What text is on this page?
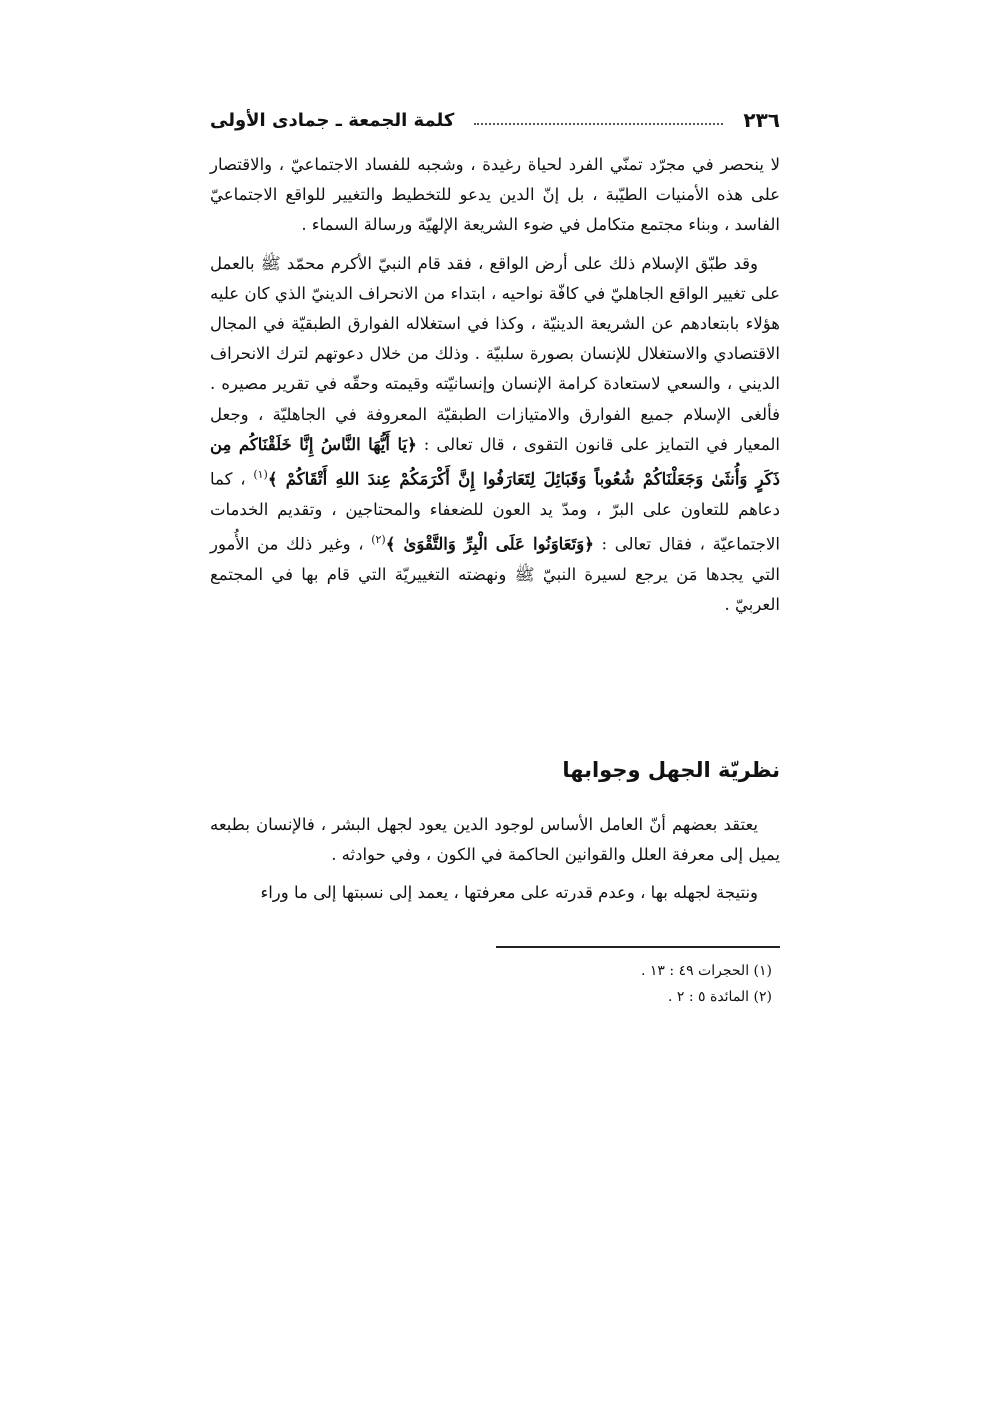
٢٣٦
كلمة الجمعة ـ جمادى الأولى

لا ينحصر في مجرّد تمنّي الفرد لحياة رغيدة ، وشجبه للفساد الاجتماعيّ ، والاقتصار على هذه الأمنيات الطيّبة ، بل إنّ الدين يدعو للتخطيط والتغيير للواقع الاجتماعيّ الفاسد ، وبناء مجتمع متكامل في ضوء الشريعة الإلهيّة ورسالة السماء .

وقد طبّق الإسلام ذلك على أرض الواقع ، فقد قام النبيّ الأكرم محمّد ﷺ بالعمل على تغيير الواقع الجاهليّ في كافّة نواحيه ، ابتداء من الانحراف الدينيّ الذي كان عليه هؤلاء بابتعادهم عن الشريعة الدينيّة ، وكذا في استغلاله الفوارق الطبقيّة في المجال الاقتصادي والاستغلال للإنسان بصورة سلبيّة . وذلك من خلال دعوتهم لترك الانحراف الديني ، والسعي لاستعادة كرامة الإنسان وإنسانيّته وقيمته وحقّه في تقرير مصيره . فألغى الإسلام جميع الفوارق والامتيازات الطبقيّة المعروفة في الجاهليّة ، وجعل المعيار في التمايز على قانون التقوى ، قال تعالى : ﴿يَا أَيُّهَا النَّاسُ إِنَّا خَلَقْنَاكُم مِن ذَكَرٍ وَأُنثَىٰ وَجَعَلْنَاكُمْ شُعُوباً وَقَبَائِلَ لِتَعَارَفُوا إِنَّ أَكْرَمَكُمْ عِندَ اللهِ أَتْقَاكُمْ ﴾$^{(١)}$ ، كما دعاهم للتعاون على البرّ ، ومدّ يد العون للضعفاء والمحتاجين ، وتقديم الخدمات الاجتماعيّة ، فقال تعالى : ﴿وَتَعَاوَنُوا عَلَى الْبِرِّ وَالتَّقْوَىٰ ﴾$^{(٢)}$ ، وغير ذلك من الأُمور التي يجدها مَن يرجع لسيرة النبيّ ﷺ ونهضته التغييريّة التي قام بها في المجتمع العربيّ .

نظريّة الجهل وجوابها

يعتقد بعضهم أنّ العامل الأساس لوجود الدين يعود لجهل البشر ، فالإنسان بطبعه يميل إلى معرفة العلل والقوانين الحاكمة في الكون ، وفي حوادثه .

ونتيجة لجهله بها ، وعدم قدرته على معرفتها ، يعمد إلى نسبتها إلى ما وراء

(١) الحجرات ٤٩ : ١٣ .
(٢) المائدة ٥ : ٢ .
